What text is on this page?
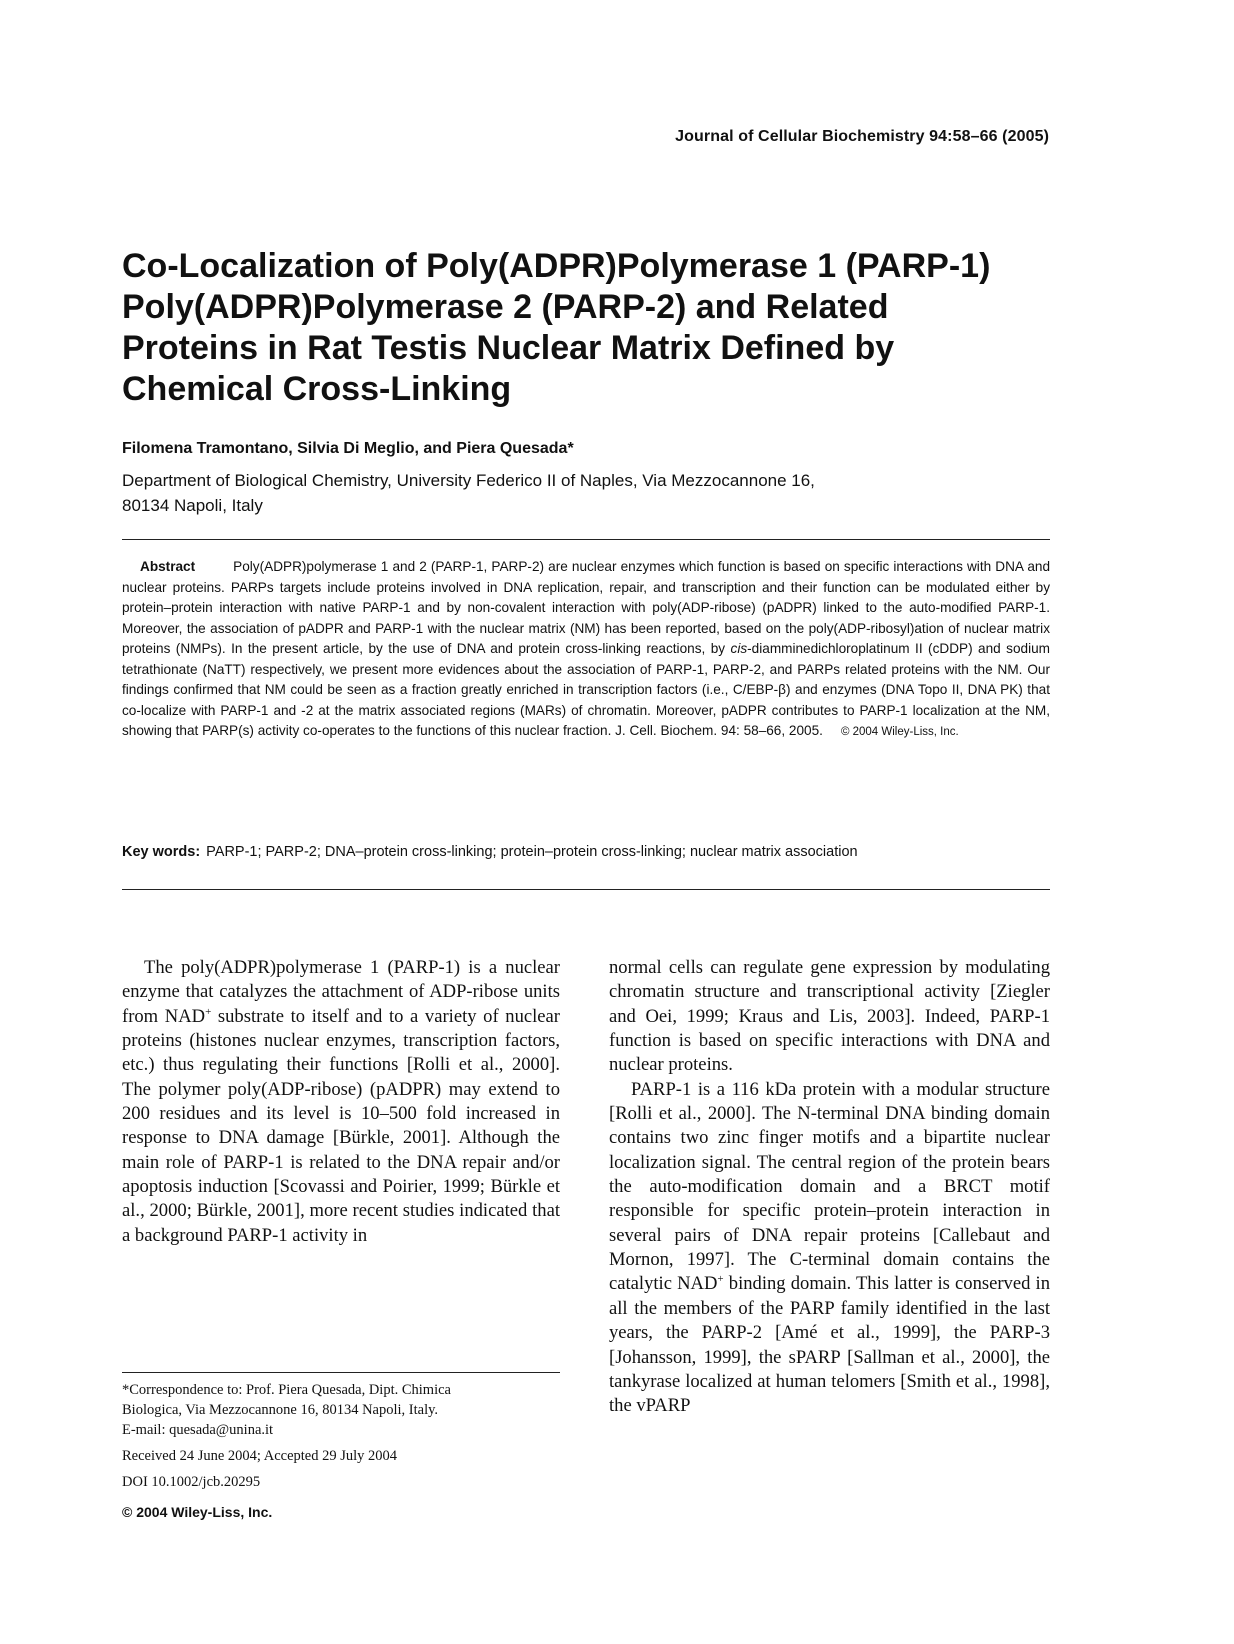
Journal of Cellular Biochemistry 94:58–66 (2005)
Co-Localization of Poly(ADPR)Polymerase 1 (PARP-1)
Poly(ADPR)Polymerase 2 (PARP-2) and Related
Proteins in Rat Testis Nuclear Matrix Defined by
Chemical Cross-Linking
Filomena Tramontano, Silvia Di Meglio, and Piera Quesada*
Department of Biological Chemistry, University Federico II of Naples, Via Mezzocannone 16,
80134 Napoli, Italy

Abstract	Poly(ADPR)polymerase 1 and 2 (PARP-1, PARP-2) are nuclear enzymes which function is based on specific interactions with DNA and nuclear proteins. PARPs targets include proteins involved in DNA replication, repair, and transcription and their function can be modulated either by protein–protein interaction with native PARP-1 and by non-covalent interaction with poly(ADP-ribose) (pADPR) linked to the auto-modified PARP-1. Moreover, the association of pADPR and PARP-1 with the nuclear matrix (NM) has been reported, based on the poly(ADP-ribosyl)ation of nuclear matrix proteins (NMPs). In the present article, by the use of DNA and protein cross-linking reactions, by cis-diamminedichloroplatinum II (cDDP) and sodium tetrathionate (NaTT) respectively, we present more evidences about the association of PARP-1, PARP-2, and PARPs related proteins with the NM. Our findings confirmed that NM could be seen as a fraction greatly enriched in transcription factors (i.e., C/EBP-β) and enzymes (DNA Topo II, DNA PK) that co-localize with PARP-1 and -2 at the matrix associated regions (MARs) of chromatin. Moreover, pADPR contributes to PARP-1 localization at the NM, showing that PARP(s) activity co-operates to the functions of this nuclear fraction. J. Cell. Biochem. 94: 58–66, 2005. © 2004 Wiley-Liss, Inc.

Key words: PARP-1; PARP-2; DNA–protein cross-linking; protein–protein cross-linking; nuclear matrix association

The poly(ADPR)polymerase 1 (PARP-1) is a nuclear enzyme that catalyzes the attachment of ADP-ribose units from NAD+ substrate to itself and to a variety of nuclear proteins (histones nuclear enzymes, transcription factors, etc.) thus regulating their functions [Rolli et al., 2000]. The polymer poly(ADP-ribose) (pADPR) may extend to 200 residues and its level is 10–500 fold increased in response to DNA damage [Bürkle, 2001]. Although the main role of PARP-1 is related to the DNA repair and/or apoptosis induction [Scovassi and Poirier, 1999; Bürkle et al., 2000; Bürkle, 2001], more recent studies indicated that a background PARP-1 activity in

normal cells can regulate gene expression by modulating chromatin structure and transcriptional activity [Ziegler and Oei, 1999; Kraus and Lis, 2003]. Indeed, PARP-1 function is based on specific interactions with DNA and nuclear proteins.

PARP-1 is a 116 kDa protein with a modular structure [Rolli et al., 2000]. The N-terminal DNA binding domain contains two zinc finger motifs and a bipartite nuclear localization signal. The central region of the protein bears the auto-modification domain and a BRCT motif responsible for specific protein–protein interaction in several pairs of DNA repair proteins [Callebaut and Mornon, 1997]. The C-terminal domain contains the catalytic NAD+ binding domain. This latter is conserved in all the members of the PARP family identified in the last years, the PARP-2 [Amé et al., 1999], the PARP-3 [Johansson, 1999], the sPARP [Sallman et al., 2000], the tankyrase localized at human telomers [Smith et al., 1998], the vPARP

*Correspondence to: Prof. Piera Quesada, Dipt. Chimica
Biologica, Via Mezzocannone 16, 80134 Napoli, Italy.
E-mail: quesada@unina.it
Received 24 June 2004; Accepted 29 July 2004
DOI 10.1002/jcb.20295
© 2004 Wiley-Liss, Inc.
